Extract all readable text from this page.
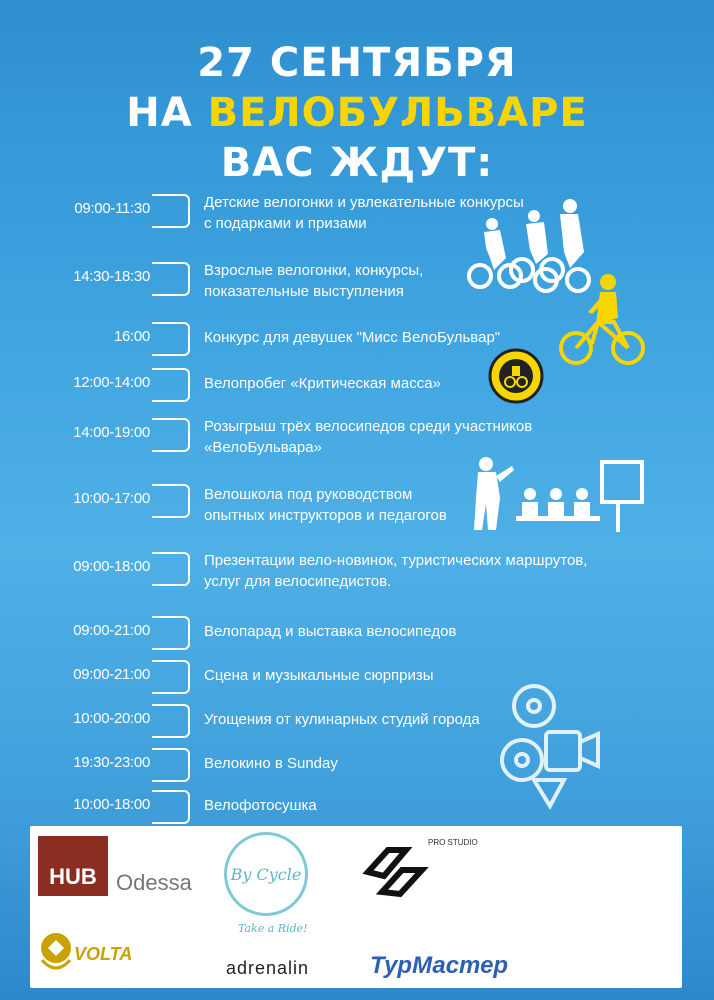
27 СЕНТЯБРЯ
НА ВЕЛОБУЛЬВАРЕ
ВАС ЖДУТ:
09:00-11:30	Детские велогонки и увлекательные конкурсы
с подарками и призами
14:30-18:30	Взрослые велогонки, конкурсы,
показательные выступления
16:00	Конкурс для девушек "Мисс ВелоБульвар"
12:00-14:00	Велопробег «Критическая масса»
14:00-19:00	Розыгрыш трёх велосипедов среди участников
«ВелоБульвара»
10:00-17:00	Велошкола под руководством
опытных инструкторов и педагогов
09:00-18:00	Презентации вело-новинок, туристических маршрутов,
услуг для велосипедистов.
09:00-21:00	Велопарад и выставка велосипедов
09:00-21:00	Сцена и музыкальные сюрпризы
10:00-20:00	Угощения от кулинарных студий города
19:30-23:00	Велокино в Sunday
10:00-18:00	Велофотосушка
HUB Odessa By Cycle
Take a Ride!
PRO STUDIO
VOLTA
adrenalin	ТурМастер
